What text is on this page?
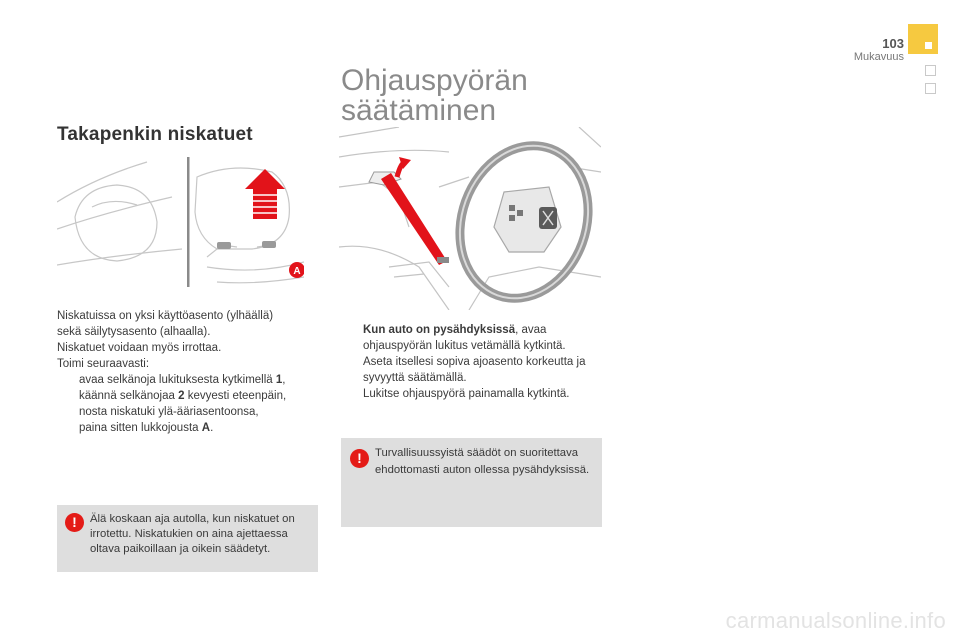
103
Mukavuus
Takapenkin niskatuet
A
Niskatuissa on yksi käyttöasento (ylhäällä)
sekä säilytysasento (alhaalla).
Niskatuet voidaan myös irrottaa.
Toimi seuraavasti:
avaa selkänoja lukituksesta kytkimellä 1,
käännä selkänojaa 2 kevyesti eteenpäin,
nosta niskatuki ylä-ääriasentoonsa,
paina sitten lukkojousta A.
!	Älä koskaan aja autolla, kun niskatuet on irrotettu. Niskatukien on aina ajettaessa oltava paikoillaan ja oikein säädetyt.
Ohjauspyörän
säätäminen
Kun auto on pysähdyksissä, avaa ohjauspyörän lukitus vetämällä kytkintä.
Aseta itsellesi sopiva ajoasento korkeutta ja syvyyttä säätämällä.
Lukitse ohjauspyörä painamalla kytkintä.
!	Turvallisuussyistä säädöt on suoritettava ehdottomasti auton ollessa pysähdyksissä.
carmanualsonline.info
